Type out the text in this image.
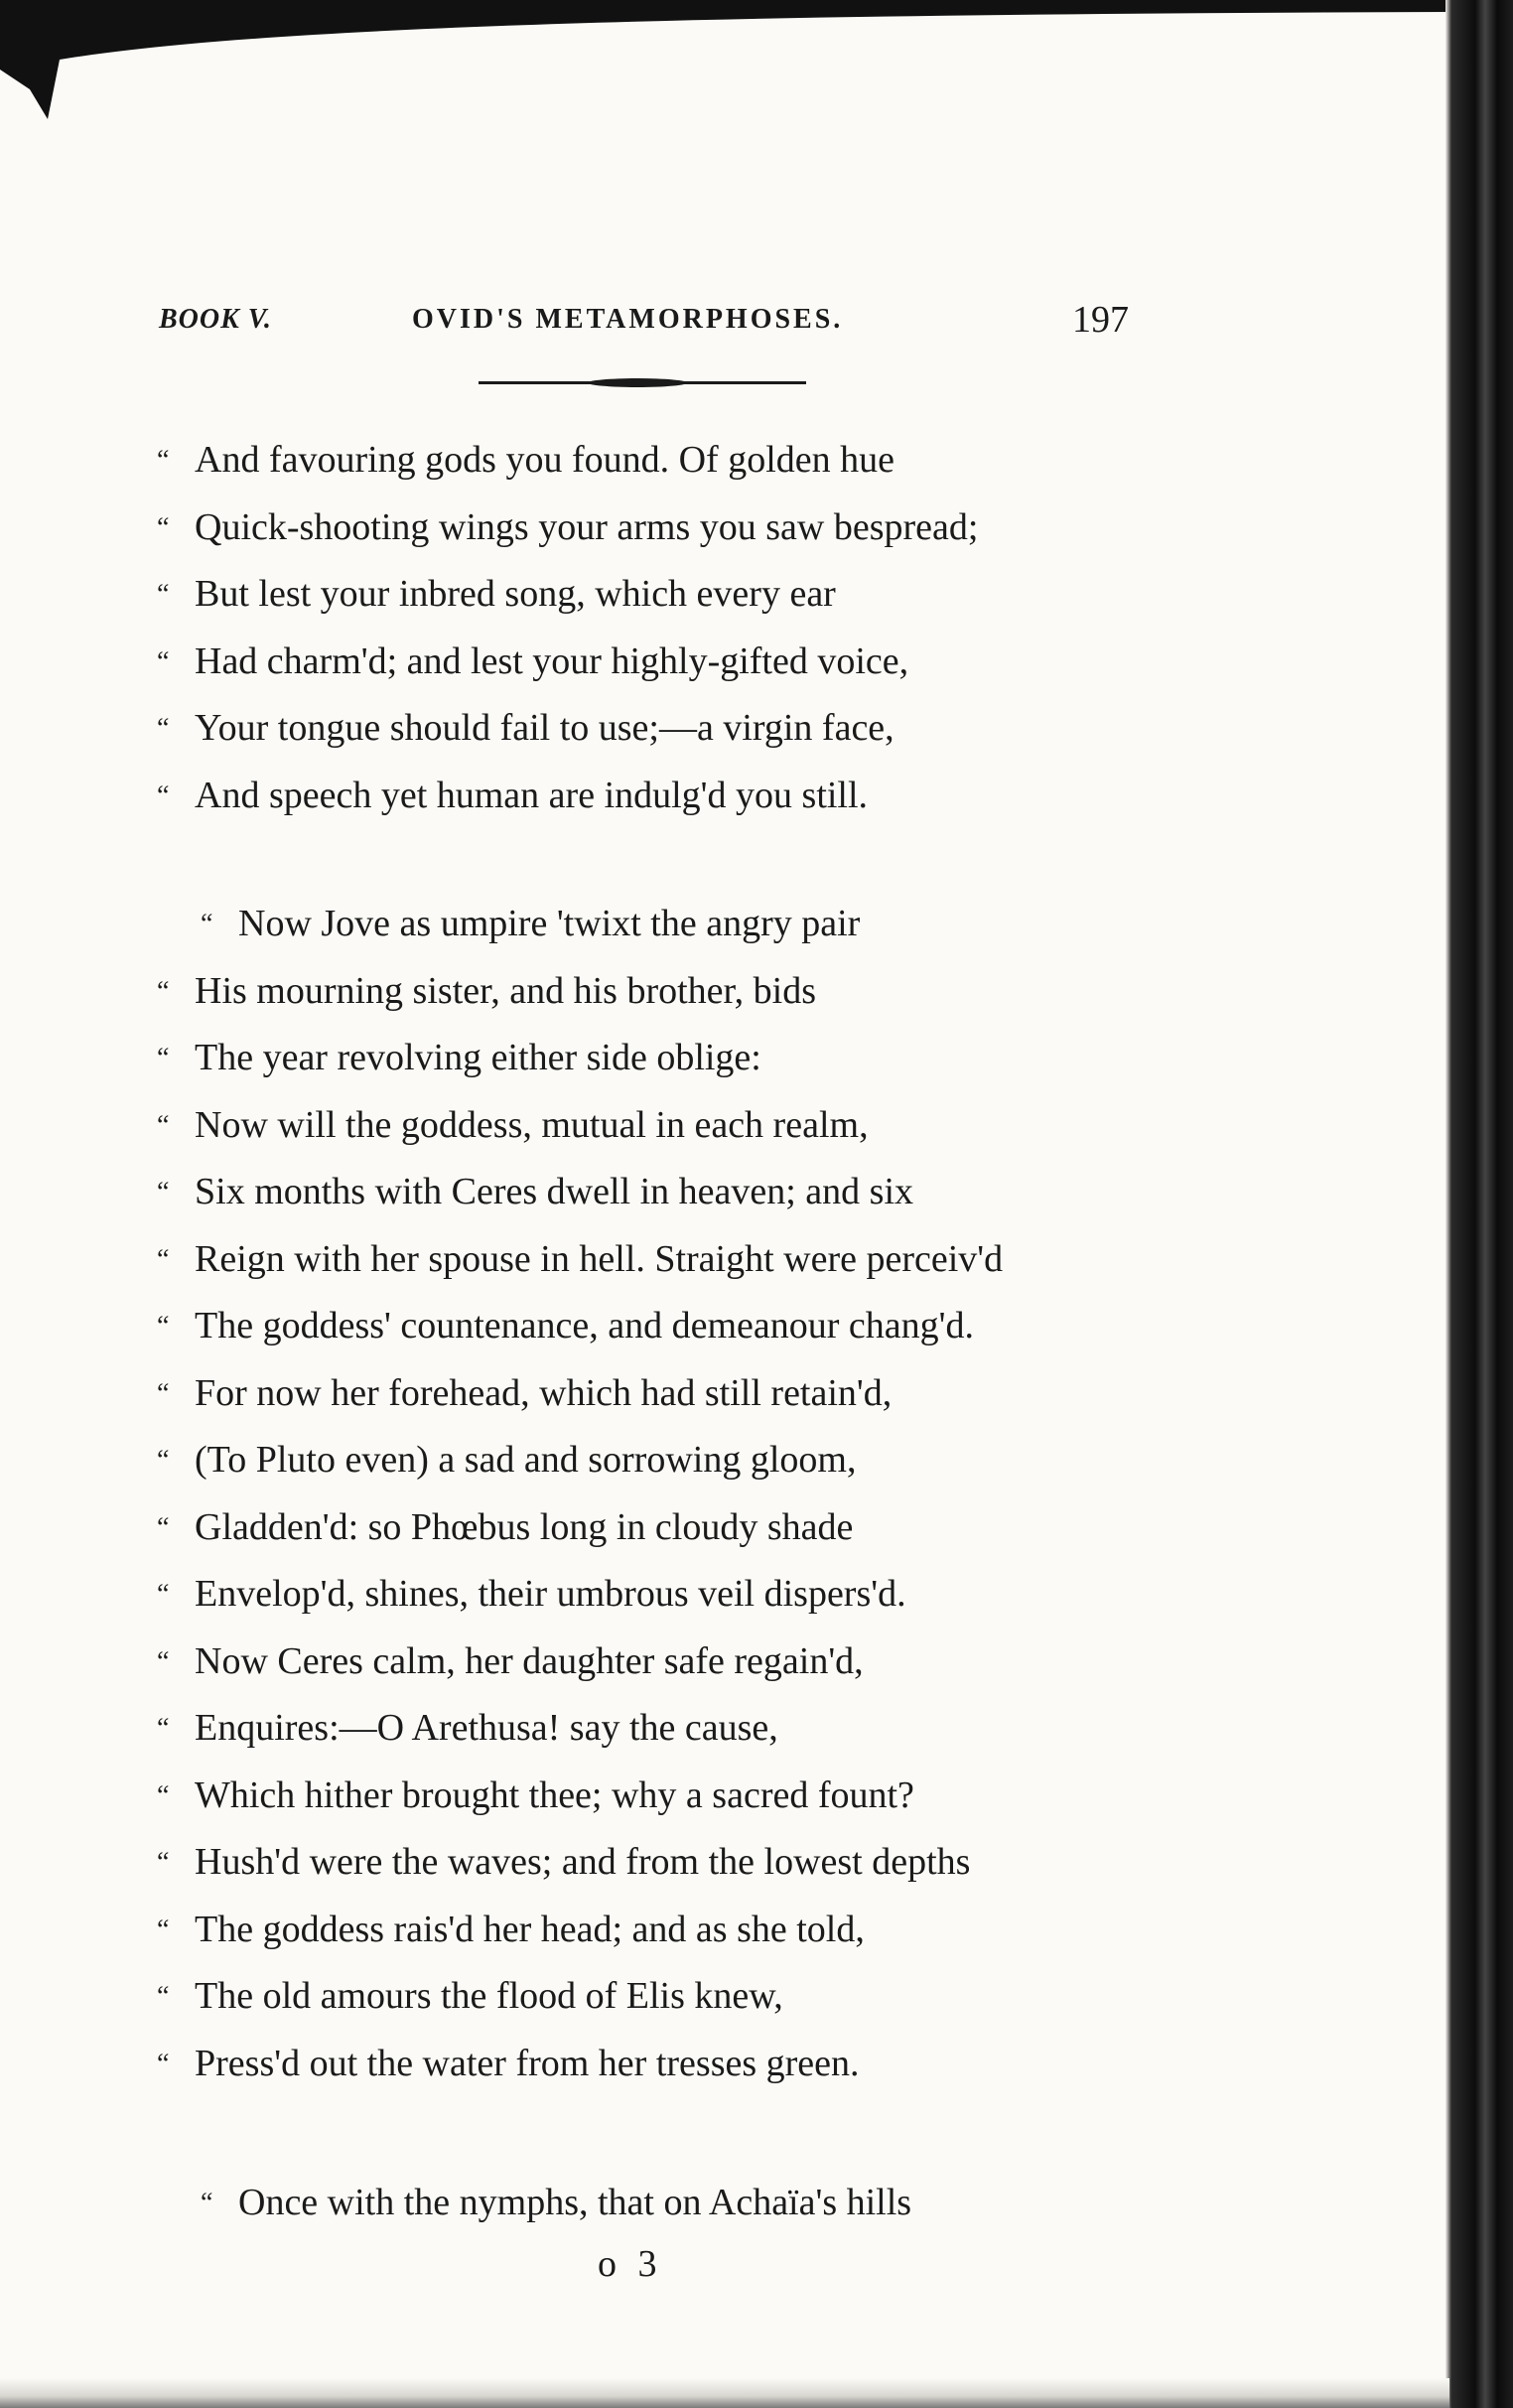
BOOK V.	OVID'S METAMORPHOSES.	197
“ And favouring gods you found. Of golden hue
“ Quick-shooting wings your arms you saw bespread;
“ But lest your inbred song, which every ear
“ Had charm'd; and lest your highly-gifted voice,
“ Your tongue should fail to use;—a virgin face,
“ And speech yet human are indulg'd you still.
“ Now Jove as umpire 'twixt the angry pair
“ His mourning sister, and his brother, bids
“ The year revolving either side oblige:
“ Now will the goddess, mutual in each realm,
“ Six months with Ceres dwell in heaven; and six
“ Reign with her spouse in hell. Straight were perceiv'd
“ The goddess' countenance, and demeanour chang'd.
“ For now her forehead, which had still retain'd,
“ (To Pluto even) a sad and sorrowing gloom,
“ Gladden'd: so Phœbus long in cloudy shade
“ Envelop'd, shines, their umbrous veil dispers'd.
“ Now Ceres calm, her daughter safe regain'd,
“ Enquires:—O Arethusa! say the cause,
“ Which hither brought thee; why a sacred fount?
“ Hush'd were the waves; and from the lowest depths
“ The goddess rais'd her head; and as she told,
“ The old amours the flood of Elis knew,
“ Press'd out the water from her tresses green.
“ Once with the nymphs, that on Achaïa's hills
o 3
